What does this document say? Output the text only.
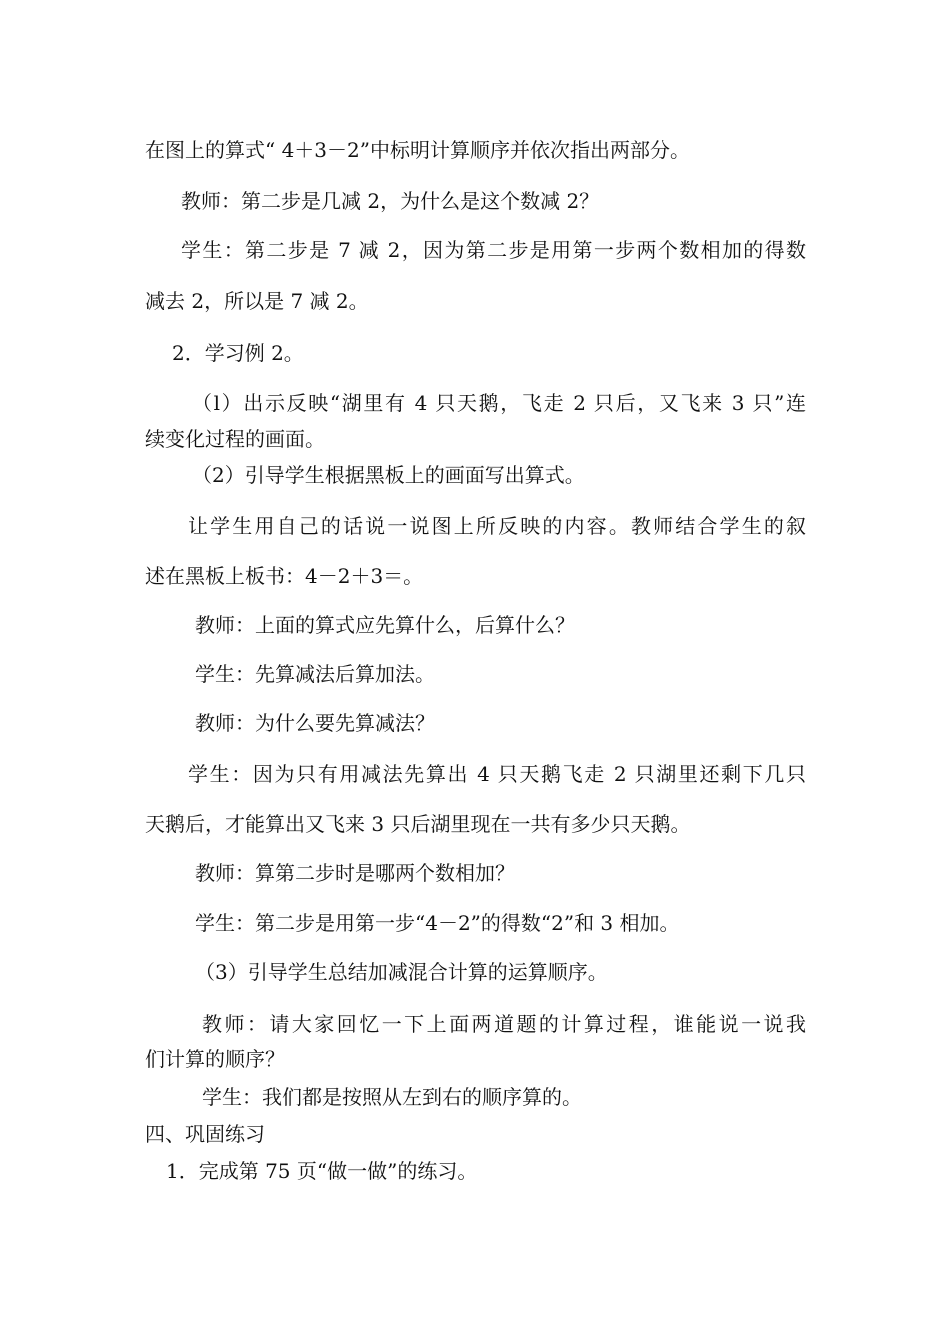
在图上的算式“ 4＋3－2”中标明计算顺序并依次指出两部分。
教师：第二步是几减 2，为什么是这个数减 2？
学生：第二步是 7 减 2，因为第二步是用第一步两个数相加的得数
减去 2，所以是 7 减 2。
2．学习例 2。
（l）出示反映“湖里有 4 只天鹅，飞走 2 只后，又飞来 3 只”连
续变化过程的画面。
（2）引导学生根据黑板上的画面写出算式。
让学生用自己的话说一说图上所反映的内容。教师结合学生的叙
述在黑板上板书：4－2＋3＝。
教师：上面的算式应先算什么，后算什么？
学生：先算减法后算加法。
教师：为什么要先算减法？
学生：因为只有用减法先算出 4 只天鹅飞走 2 只湖里还剩下几只
天鹅后，才能算出又飞来 3 只后湖里现在一共有多少只天鹅。
教师：算第二步时是哪两个数相加？
学生：第二步是用第一步“4－2”的得数“2”和 3 相加。
（3）引导学生总结加减混合计算的运算顺序。
教师：请大家回忆一下上面两道题的计算过程，谁能说一说我
们计算的顺序？
学生：我们都是按照从左到右的顺序算的。
四、巩固练习
1．完成第 75 页“做一做”的练习。
